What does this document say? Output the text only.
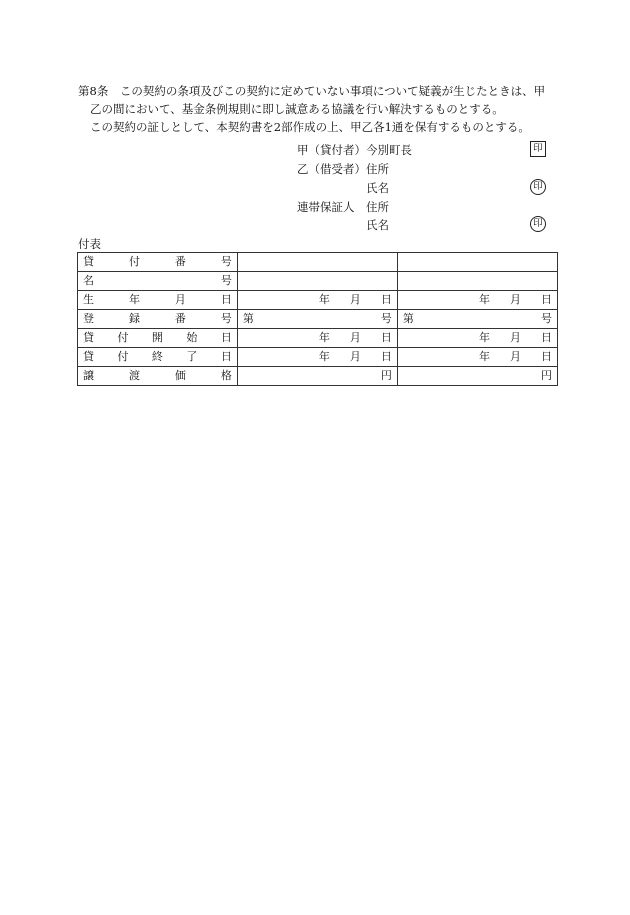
第8条　この契約の条項及びこの契約に定めていない事項について疑義が生じたときは、甲
乙の間において、基金条例規則に即し誠意ある協議を行い解決するものとする。
この契約の証しとして、本契約書を2部作成の上、甲乙各1通を保有するものとする。
甲（貸付者） 今別町長	印
乙（借受者） 住所
氏名	印
連帯保証人 住所
氏名	印
付表
貸 付 番 号		

名 号		

生 年 月 日	年 月 日	年 月 日

登 録 番 号	第 号	第 号

貸 付 開 始 日	年 月 日	年 月 日

貸 付 終 了 日	年 月 日	年 月 日

譲 渡 価 格	円	円
